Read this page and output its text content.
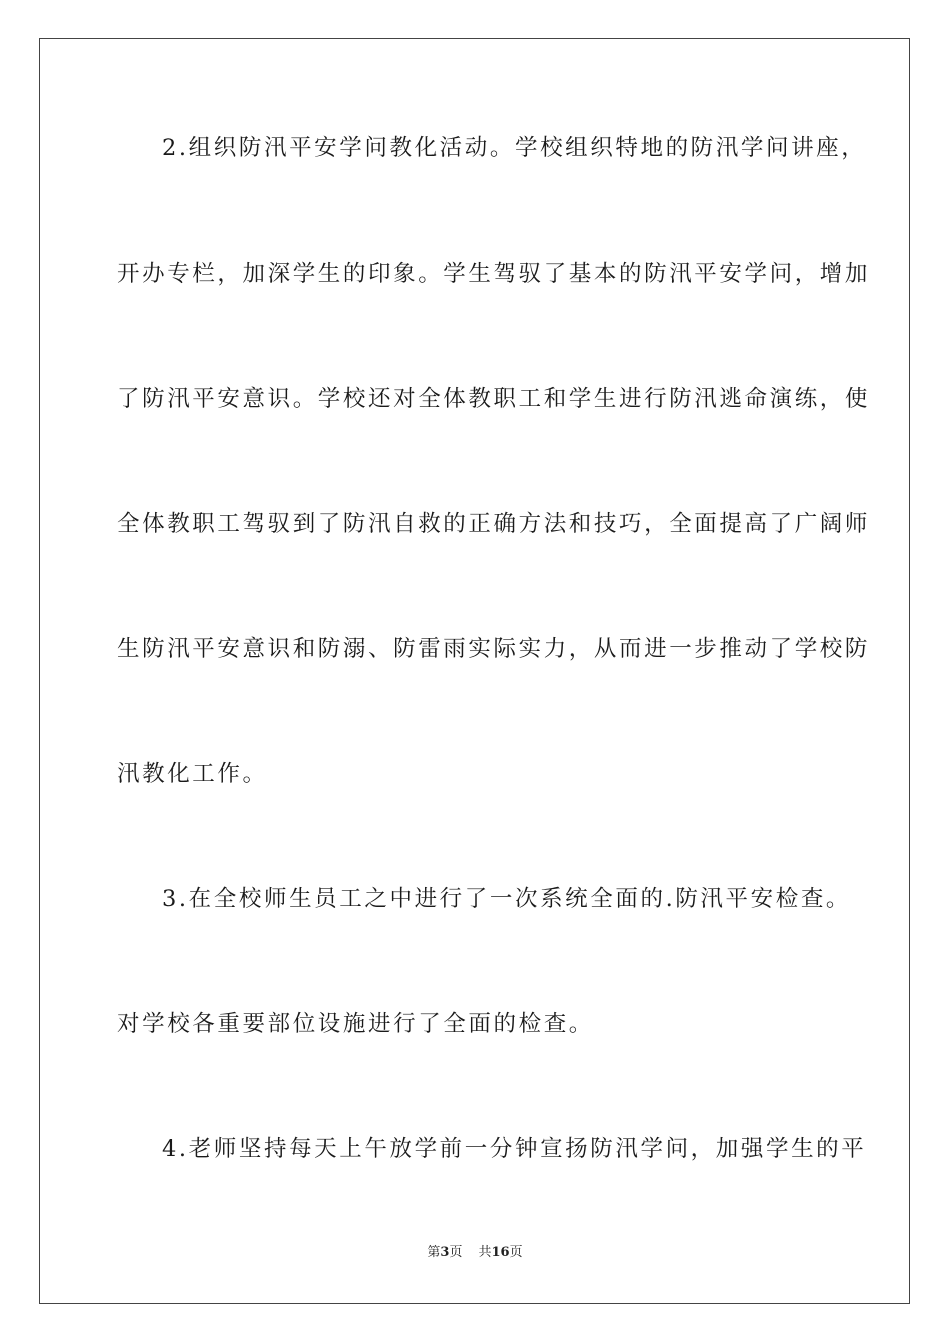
2.组织防汛平安学问教化活动。学校组织特地的防汛学问讲座，
开办专栏，加深学生的印象。学生驾驭了基本的防汛平安学问，增加
了防汛平安意识。学校还对全体教职工和学生进行防汛逃命演练，使
全体教职工驾驭到了防汛自救的正确方法和技巧，全面提高了广阔师
生防汛平安意识和防溺、防雷雨实际实力，从而进一步推动了学校防
汛教化工作。
3.在全校师生员工之中进行了一次系统全面的.防汛平安检查。
对学校各重要部位设施进行了全面的检查。
4.老师坚持每天上午放学前一分钟宣扬防汛学问，加强学生的平
第3页 共16页
